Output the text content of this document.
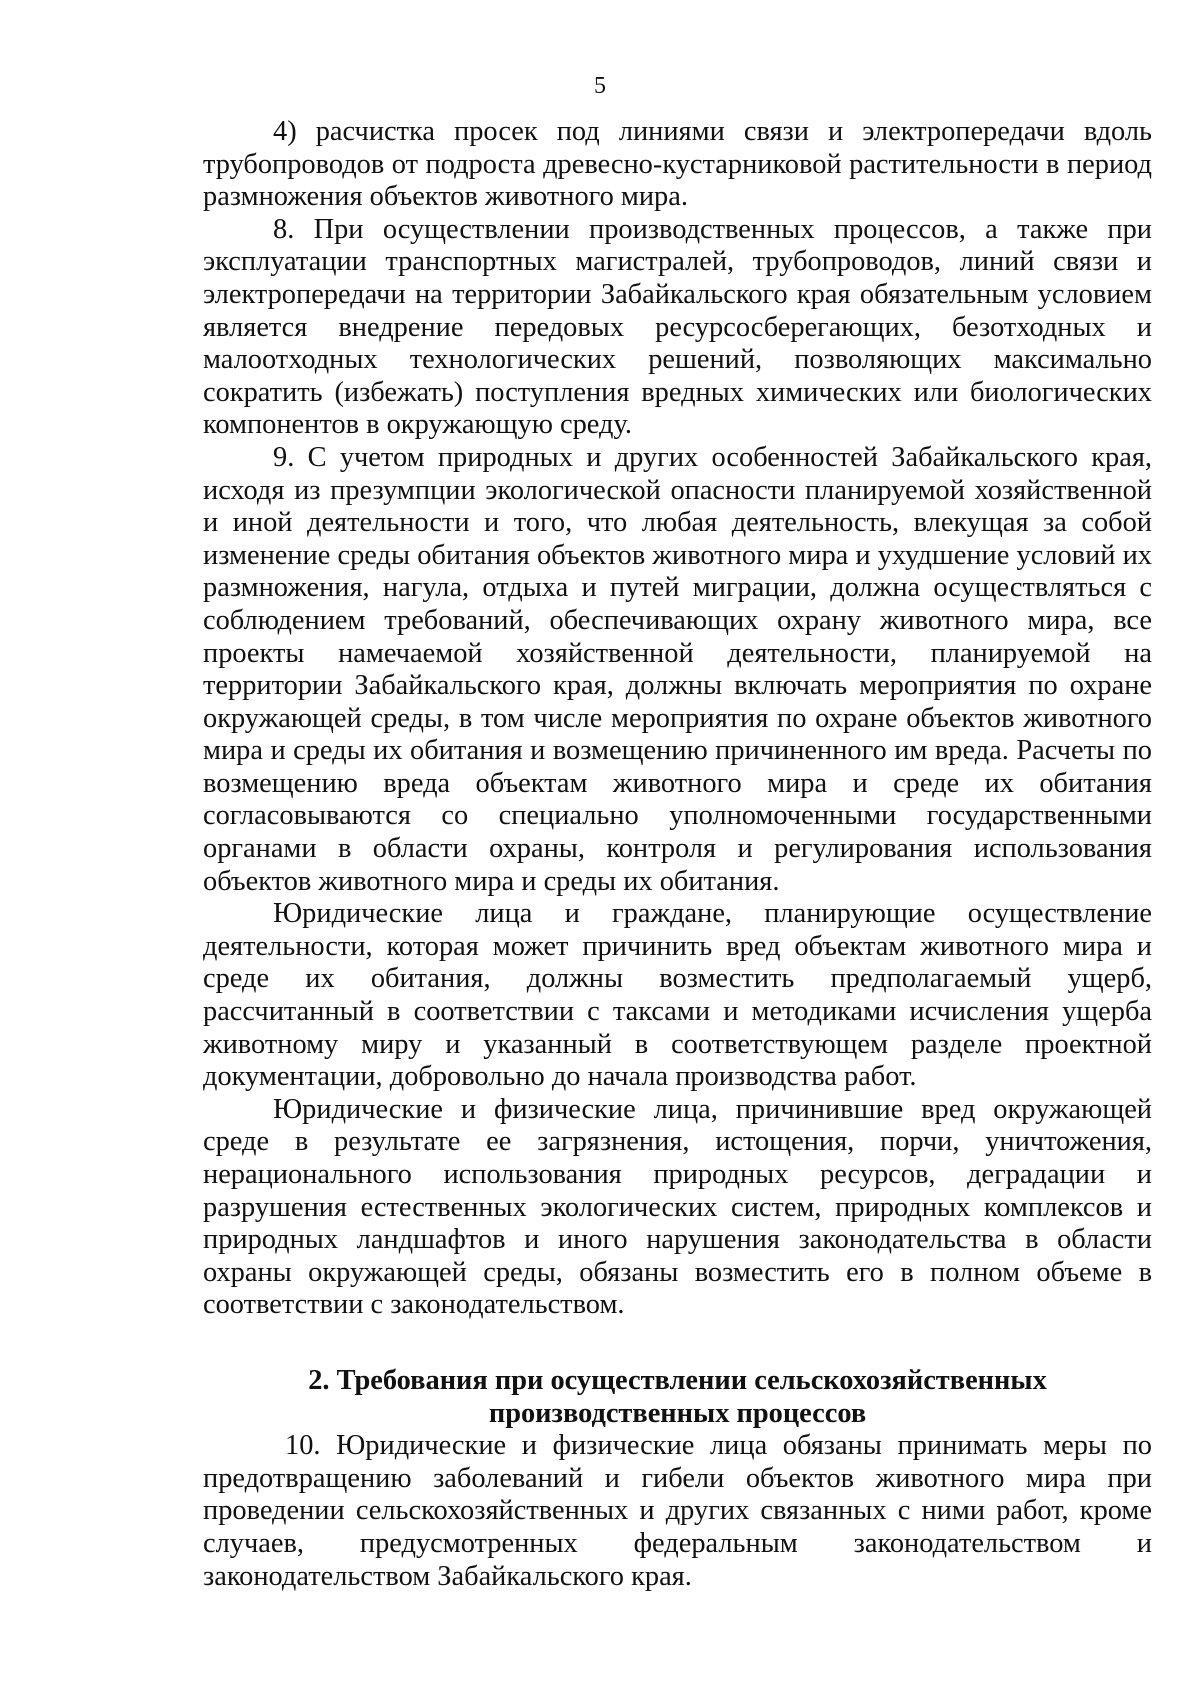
5

4) расчистка просек под линиями связи и электропередачи вдоль трубопроводов от подроста древесно-кустарниковой растительности в период размножения объектов животного мира.

8. При осуществлении производственных процессов, а также при эксплуатации транспортных магистралей, трубопроводов, линий связи и электропередачи на территории Забайкальского края обязательным условием является внедрение передовых ресурсосберегающих, безотходных и малоотходных технологических решений, позволяющих максимально сократить (избежать) поступления вредных химических или биологических компонентов в окружающую среду.

9. С учетом природных и других особенностей Забайкальского края, исходя из презумпции экологической опасности планируемой хозяйственной и иной деятельности и того, что любая деятельность, влекущая за собой изменение среды обитания объектов животного мира и ухудшение условий их размножения, нагула, отдыха и путей миграции, должна осуществляться с соблюдением требований, обеспечивающих охрану животного мира, все проекты намечаемой хозяйственной деятельности, планируемой на территории Забайкальского края, должны включать мероприятия по охране окружающей среды, в том числе мероприятия по охране объектов животного мира и среды их обитания и возмещению причиненного им вреда. Расчеты по возмещению вреда объектам животного мира и среде их обитания согласовываются со специально уполномоченными государственными органами в области охраны, контроля и регулирования использования объектов животного мира и среды их обитания.

Юридические лица и граждане, планирующие осуществление деятельности, которая может причинить вред объектам животного мира и среде их обитания, должны возместить предполагаемый ущерб, рассчитанный в соответствии с таксами и методиками исчисления ущерба животному миру и указанный в соответствующем разделе проектной документации, добровольно до начала производства работ.

Юридические и физические лица, причинившие вред окружающей среде в результате ее загрязнения, истощения, порчи, уничтожения, нерационального использования природных ресурсов, деградации и разрушения естественных экологических систем, природных комплексов и природных ландшафтов и иного нарушения законодательства в области охраны окружающей среды, обязаны возместить его в полном объеме в соответствии с законодательством.

2. Требования при осуществлении сельскохозяйственных
производственных процессов

10. Юридические и физические лица обязаны принимать меры по предотвращению заболеваний и гибели объектов животного мира при проведении сельскохозяйственных и других связанных с ними работ, кроме случаев, предусмотренных федеральным законодательством и законодательством Забайкальского края.
